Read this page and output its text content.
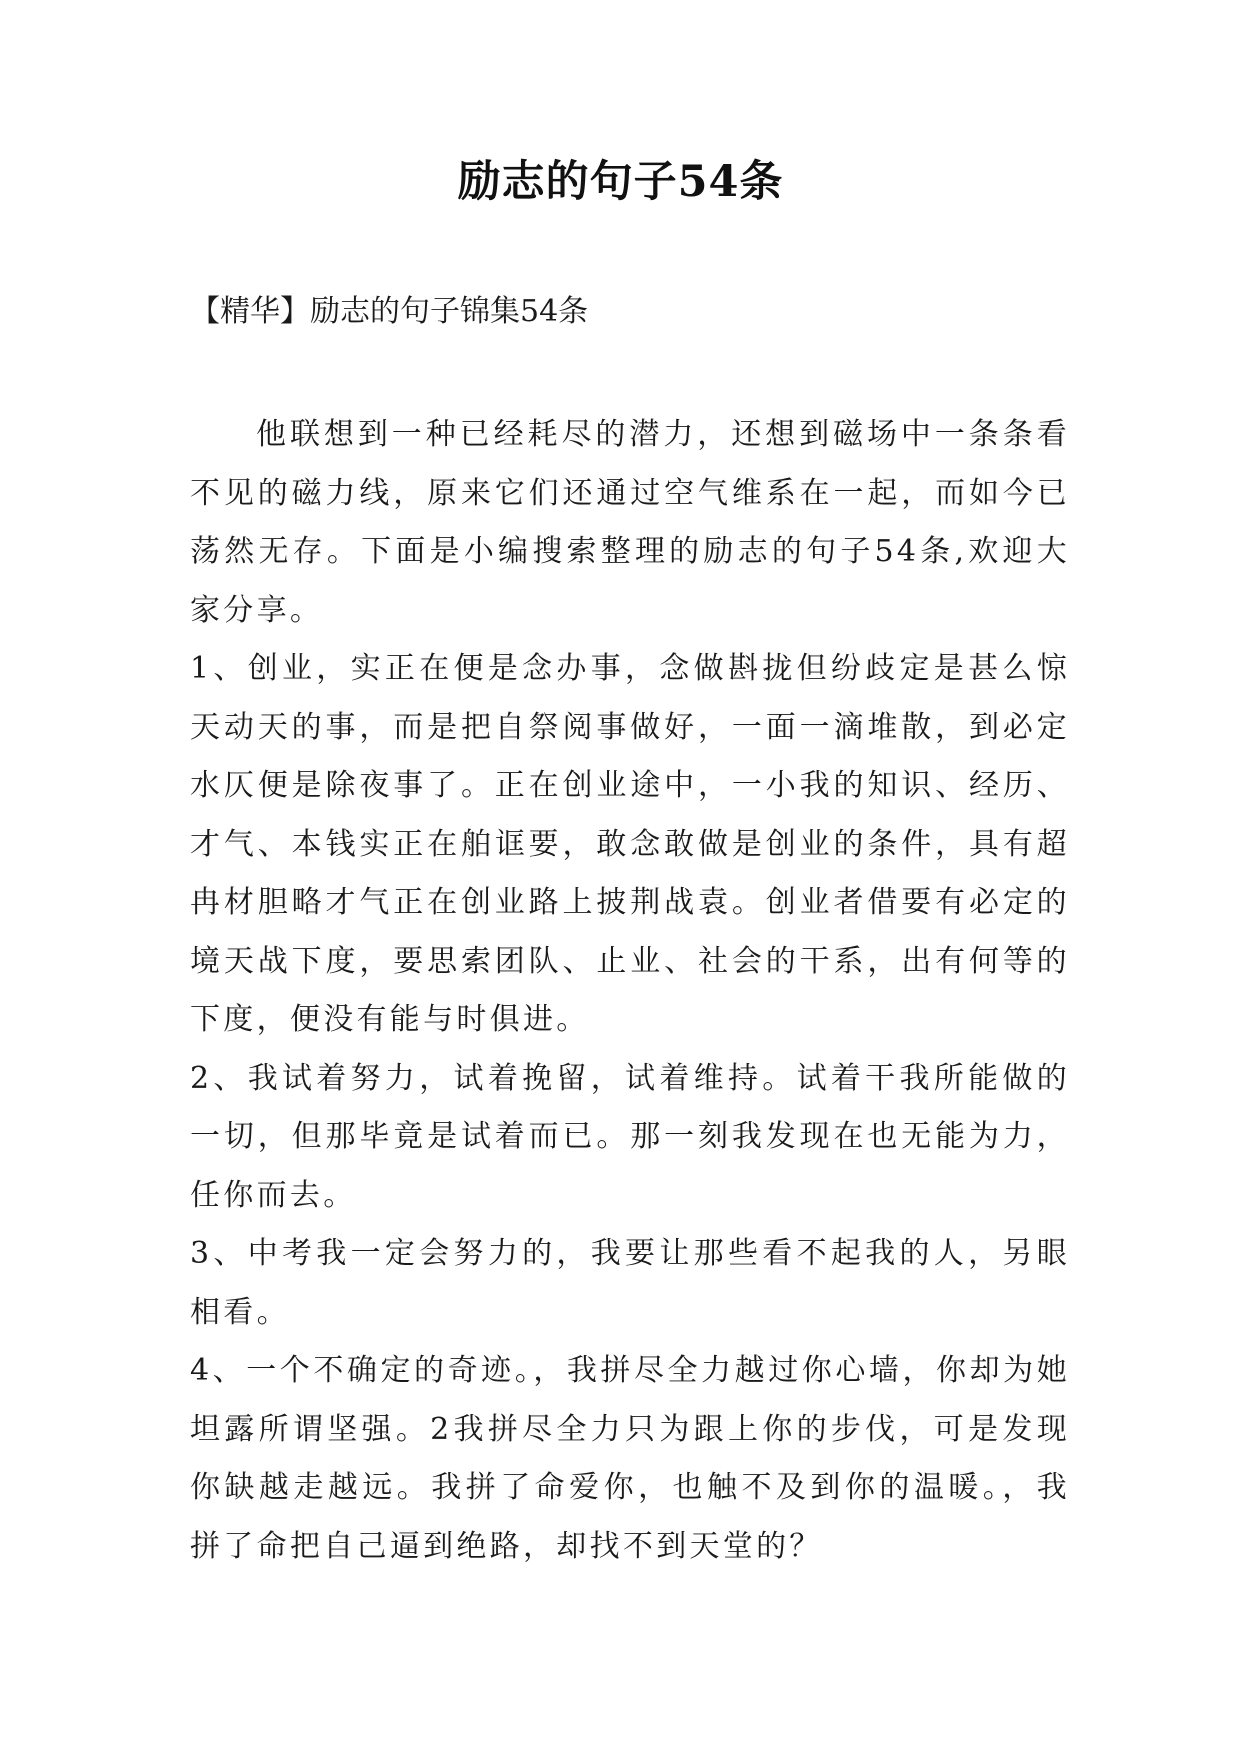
励志的句子54条
【精华】励志的句子锦集54条

他联想到一种已经耗尽的潜力，还想到磁场中一条条看不见的磁力线，原来它们还通过空气维系在一起，而如今已荡然无存。下面是小编搜索整理的励志的句子54条,欢迎大家分享。

1、创业，实正在便是念办事，念做斟拢但纷歧定是甚么惊天动天的事，而是把自祭阅事做好，一面一滴堆散，到必定水仄便是除夜事了。正在创业途中，一小我的知识、经历、才气、本钱实正在舶诓要，敢念敢做是创业的条件，具有超冉材胆略才气正在创业路上披荆战袁。创业者借要有必定的境天战下度，要思索团队、止业、社会的干系，出有何等的下度，便没有能与时俱进。

2、我试着努力，试着挽留，试着维持。试着干我所能做的一切，但那毕竟是试着而已。那一刻我发现在也无能为力，任你而去。

3、中考我一定会努力的，我要让那些看不起我的人，另眼相看。

4、一个不确定的奇迹。，我拼尽全力越过你心墙，你却为她坦露所谓坚强。2我拼尽全力只为跟上你的步伐，可是发现你缺越走越远。我拼了命爱你，也触不及到你的温暖。，我拼了命把自己逼到绝路，却找不到天堂的？
